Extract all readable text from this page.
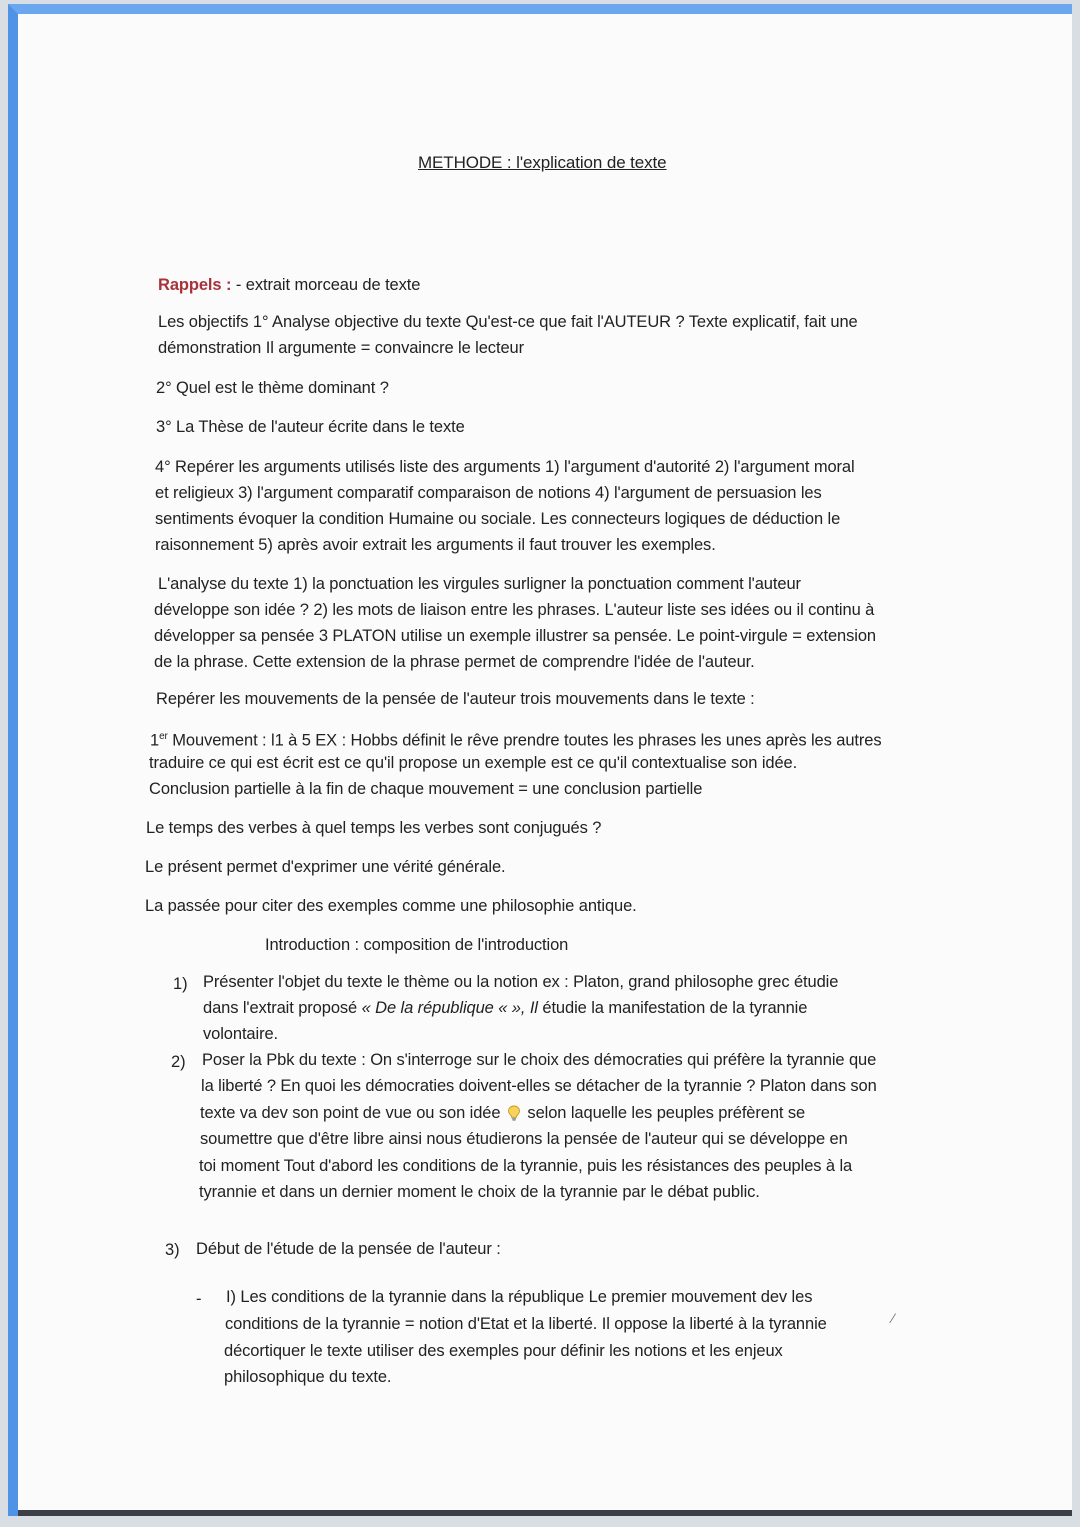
METHODE : l'explication de texte
Rappels : - extrait morceau de texte
Les objectifs 1° Analyse objective du texte Qu'est-ce que fait l'AUTEUR ? Texte explicatif, fait une
démonstration Il argumente = convaincre le lecteur
2° Quel est le thème dominant ?
3° La Thèse de l'auteur écrite dans le texte
4° Repérer les arguments utilisés liste des arguments 1) l'argument d'autorité 2) l'argument moral
et religieux 3) l'argument comparatif comparaison de notions 4) l'argument de persuasion les
sentiments évoquer la condition Humaine ou sociale. Les connecteurs logiques de déduction le
raisonnement 5) après avoir extrait les arguments il faut trouver les exemples.
L'analyse du texte 1) la ponctuation les virgules surligner la ponctuation comment l'auteur
développe son idée ? 2) les mots de liaison entre les phrases. L'auteur liste ses idées ou il continu à
développer sa pensée 3 PLATON utilise un exemple illustrer sa pensée. Le point-virgule = extension
de la phrase. Cette extension de la phrase permet de comprendre l'idée de l'auteur.
Repérer les mouvements de la pensée de l'auteur trois mouvements dans le texte :
1er Mouvement : l1 à 5 EX : Hobbs définit le rêve prendre toutes les phrases les unes après les autres
traduire ce qui est écrit est ce qu'il propose un exemple est ce qu'il contextualise son idée.
Conclusion partielle à la fin de chaque mouvement = une conclusion partielle
Le temps des verbes à quel temps les verbes sont conjugués ?
Le présent permet d'exprimer une vérité générale.
La passée pour citer des exemples comme une philosophie antique.
Introduction : composition de l'introduction
1) Présenter l'objet du texte le thème ou la notion ex : Platon, grand philosophe grec étudie
dans l'extrait proposé « De la république « », Il étudie la manifestation de la tyrannie
volontaire.
2) Poser la Pbk du texte : On s'interroge sur le choix des démocraties qui préfère la tyrannie que
la liberté ? En quoi les démocraties doivent-elles se détacher de la tyrannie ? Platon dans son
texte va dev son point de vue ou son idée selon laquelle les peuples préfèrent se
soumettre que d'être libre ainsi nous étudierons la pensée de l'auteur qui se développe en
toi moment Tout d'abord les conditions de la tyrannie, puis les résistances des peuples à la
tyrannie et dans un dernier moment le choix de la tyrannie par le débat public.
3) Début de l'étude de la pensée de l'auteur :
- I) Les conditions de la tyrannie dans la république Le premier mouvement dev les
conditions de la tyrannie = notion d'Etat et la liberté. Il oppose la liberté à la tyrannie	⁄
décortiquer le texte utiliser des exemples pour définir les notions et les enjeux
philosophique du texte.
